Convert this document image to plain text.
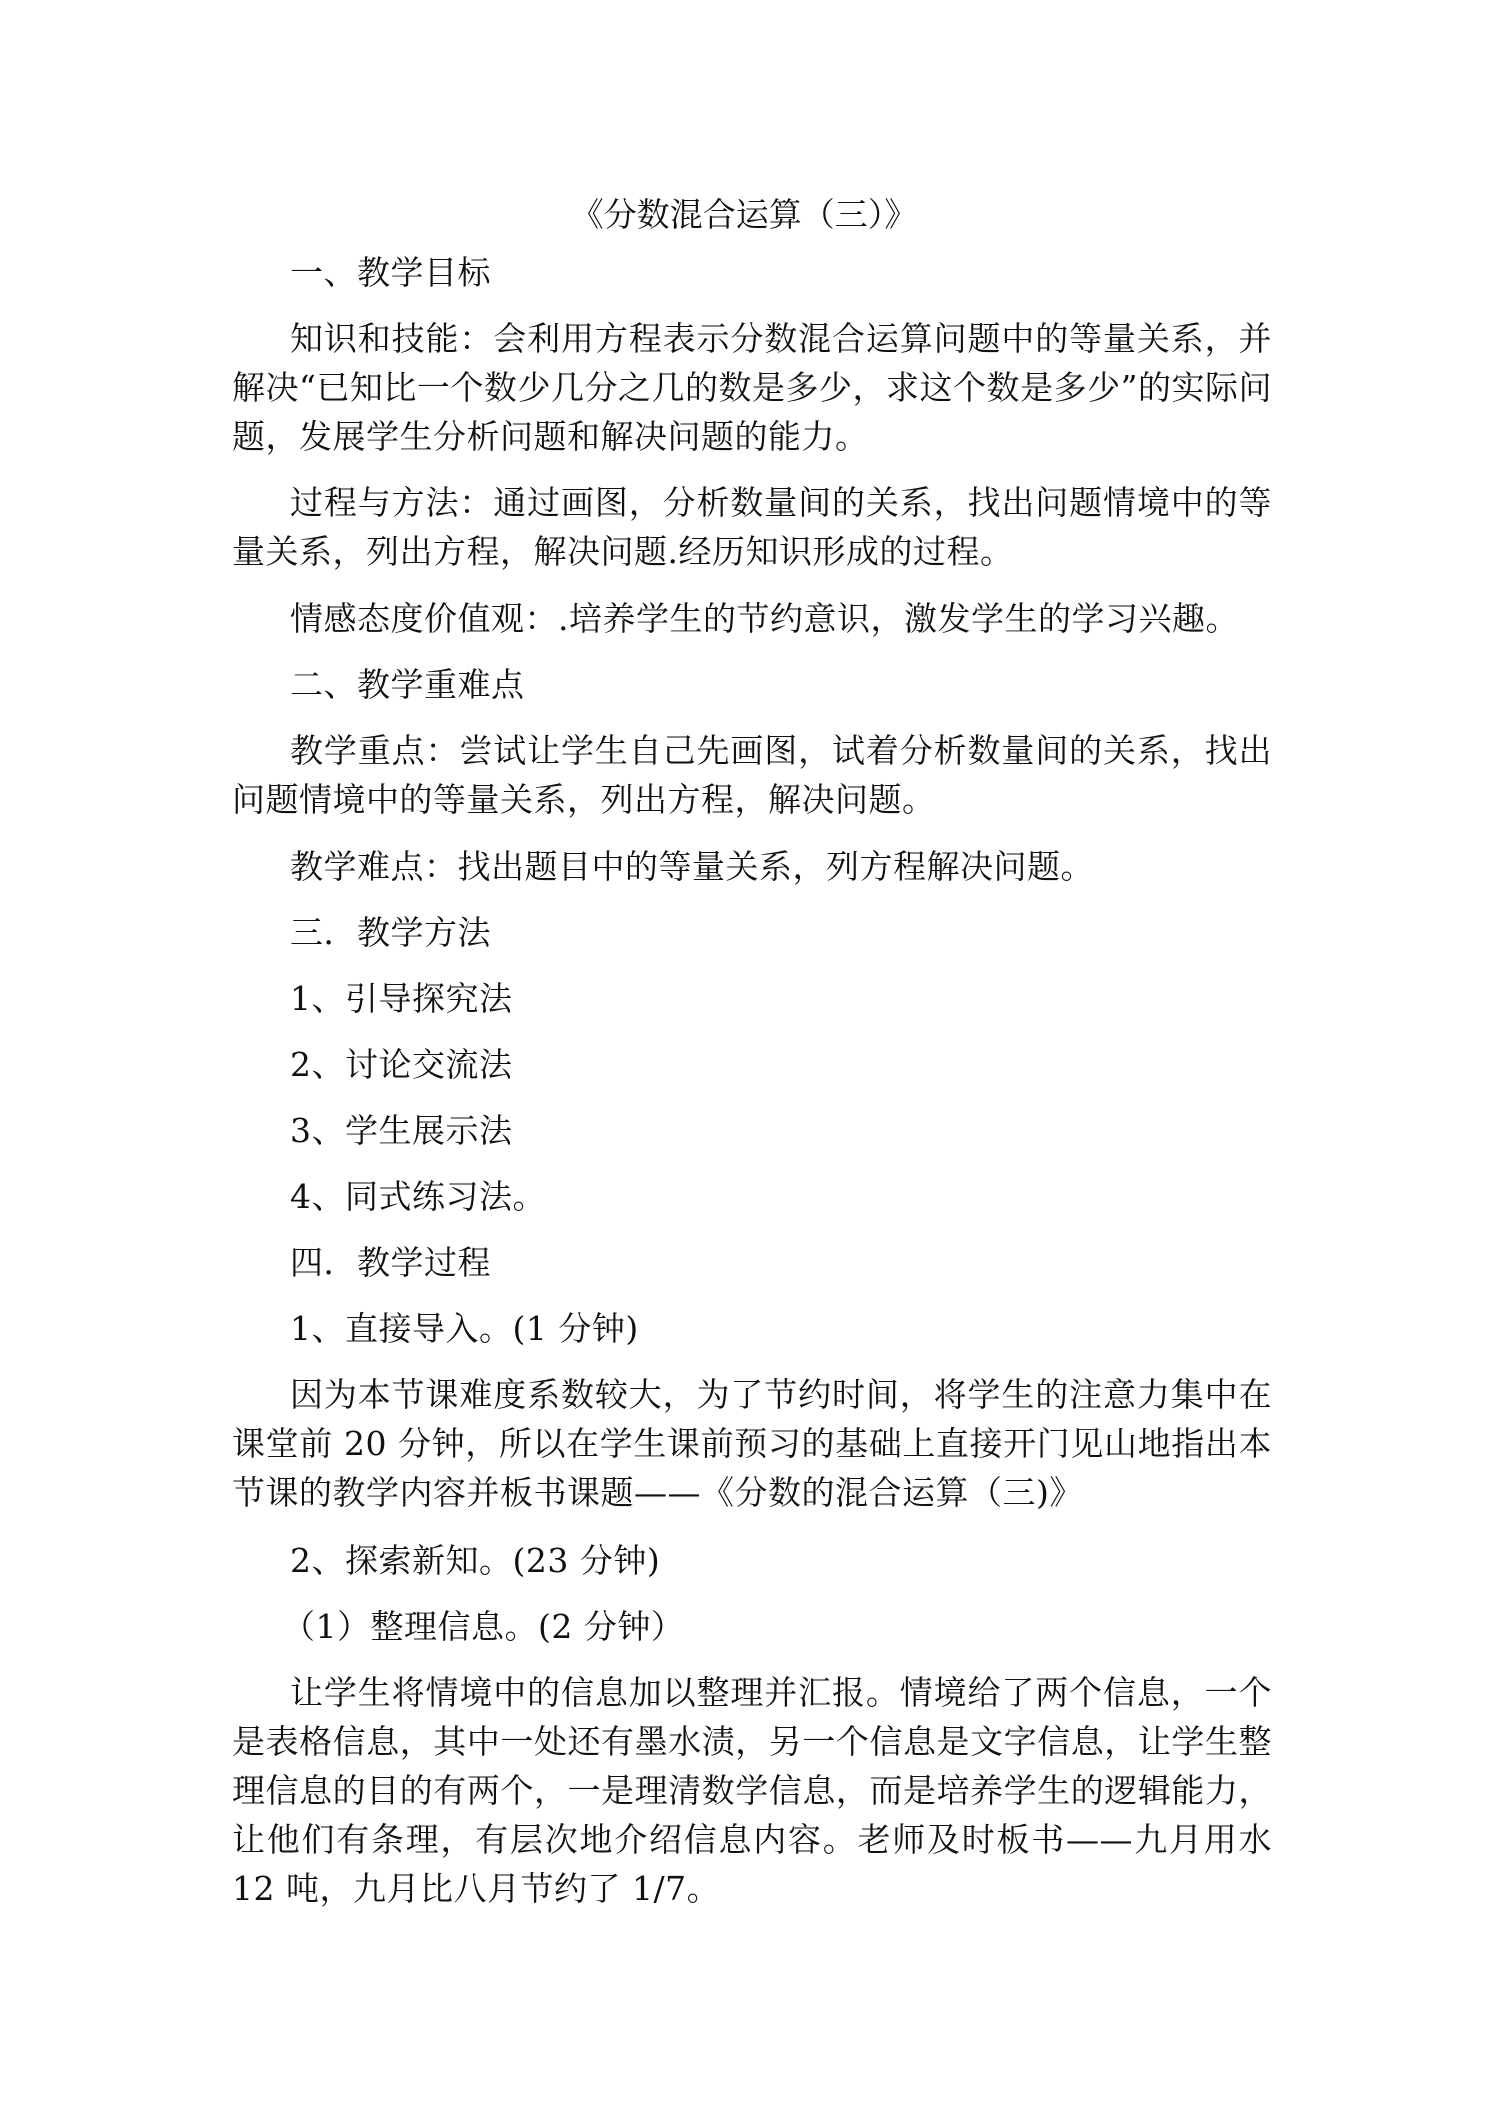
《分数混合运算（三）》
一、教学目标
知识和技能：会利用方程表示分数混合运算问题中的等量关系，并解决“已知比一个数少几分之几的数是多少，求这个数是多少”的实际问题，发展学生分析问题和解决问题的能力。
过程与方法：通过画图，分析数量间的关系，找出问题情境中的等量关系，列出方程，解决问题.经历知识形成的过程。
情感态度价值观：.培养学生的节约意识，激发学生的学习兴趣。
二、教学重难点
教学重点：尝试让学生自己先画图，试着分析数量间的关系，找出问题情境中的等量关系，列出方程，解决问题。
教学难点：找出题目中的等量关系，列方程解决问题。
三．教学方法
1、引导探究法
2、讨论交流法
3、学生展示法
4、同式练习法。
四．教学过程
1、直接导入。(1 分钟)
因为本节课难度系数较大，为了节约时间，将学生的注意力集中在课堂前 20 分钟，所以在学生课前预习的基础上直接开门见山地指出本节课的教学内容并板书课题——《分数的混合运算（三)》
2、探索新知。(23 分钟)
（1）整理信息。(2 分钟）
让学生将情境中的信息加以整理并汇报。情境给了两个信息，一个是表格信息，其中一处还有墨水渍，另一个信息是文字信息，让学生整理信息的目的有两个，一是理清数学信息，而是培养学生的逻辑能力，让他们有条理，有层次地介绍信息内容。老师及时板书——九月用水 12 吨，九月比八月节约了 1/7。
